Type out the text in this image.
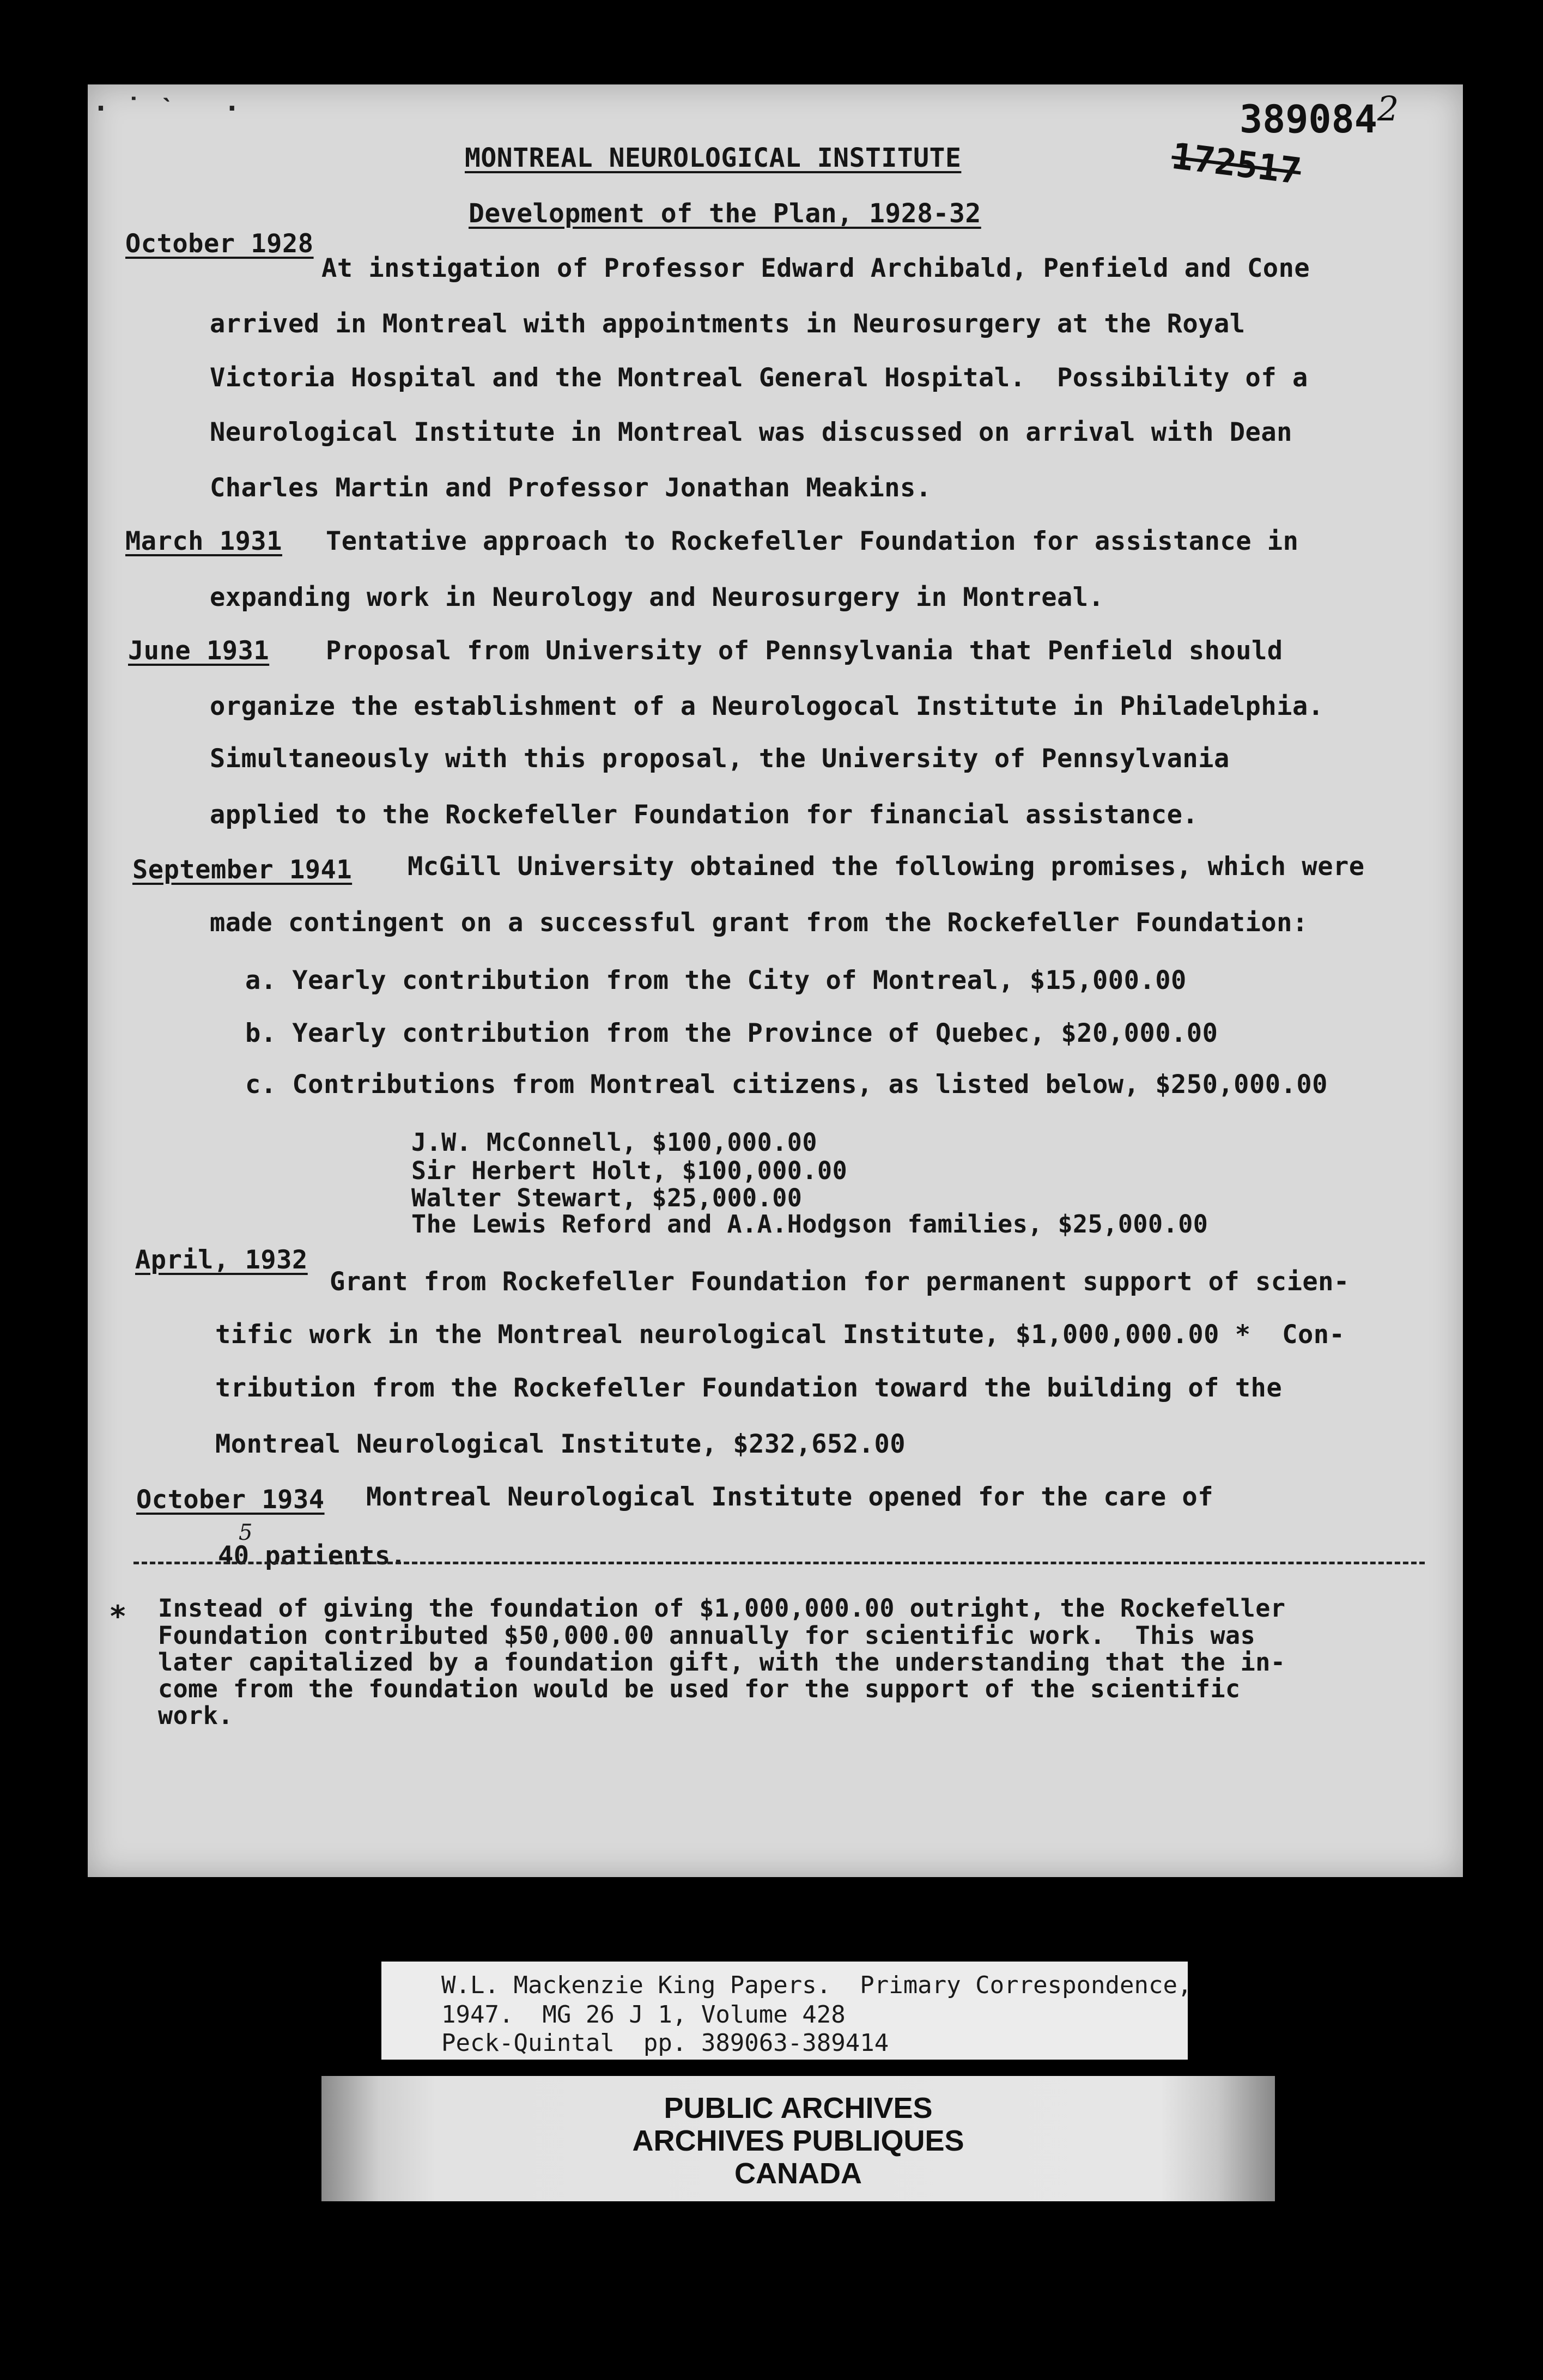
· ˙ ˋ   ·	3890842
172517
MONTREAL NEUROLOGICAL INSTITUTE
Development of the Plan, 1928-32
October 1928
At instigation of Professor Edward Archibald, Penfield and Cone
arrived in Montreal with appointments in Neurosurgery at the Royal
Victoria Hospital and the Montreal General Hospital.  Possibility of a
Neurological Institute in Montreal was discussed on arrival with Dean
Charles Martin and Professor Jonathan Meakins.
March 1931 Tentative approach to Rockefeller Foundation for assistance in
expanding work in Neurology and Neurosurgery in Montreal.
June 1931 Proposal from University of Pennsylvania that Penfield should
organize the establishment of a Neurologocal Institute in Philadelphia.
Simultaneously with this proposal, the University of Pennsylvania
applied to the Rockefeller Foundation for financial assistance.
September 1941 McGill University obtained the following promises, which were
made contingent on a successful grant from the Rockefeller Foundation:
a. Yearly contribution from the City of Montreal, $15,000.00
b. Yearly contribution from the Province of Quebec, $20,000.00
c. Contributions from Montreal citizens, as listed below, $250,000.00
J.W. McConnell, $100,000.00
Sir Herbert Holt, $100,000.00
Walter Stewart, $25,000.00
The Lewis Reford and A.A.Hodgson families, $25,000.00
April, 1932
Grant from Rockefeller Foundation for permanent support of scien-
tific work in the Montreal neurological Institute, $1,000,000.00 *  Con-
tribution from the Rockefeller Foundation toward the building of the
Montreal Neurological Institute, $232,652.00
October 1934 Montreal Neurological Institute opened for the care of
40 patients.
5
* Instead of giving the foundation of $1,000,000.00 outright, the Rockefeller
Foundation contributed $50,000.00 annually for scientific work.  This was
later capitalized by a foundation gift, with the understanding that the in-
come from the foundation would be used for the support of the scientific
work.
W.L. Mackenzie King Papers.  Primary Correspondence,
1947.  MG 26 J 1, Volume 428
Peck-Quintal  pp. 389063-389414
PUBLIC ARCHIVES
ARCHIVES PUBLIQUES
CANADA
